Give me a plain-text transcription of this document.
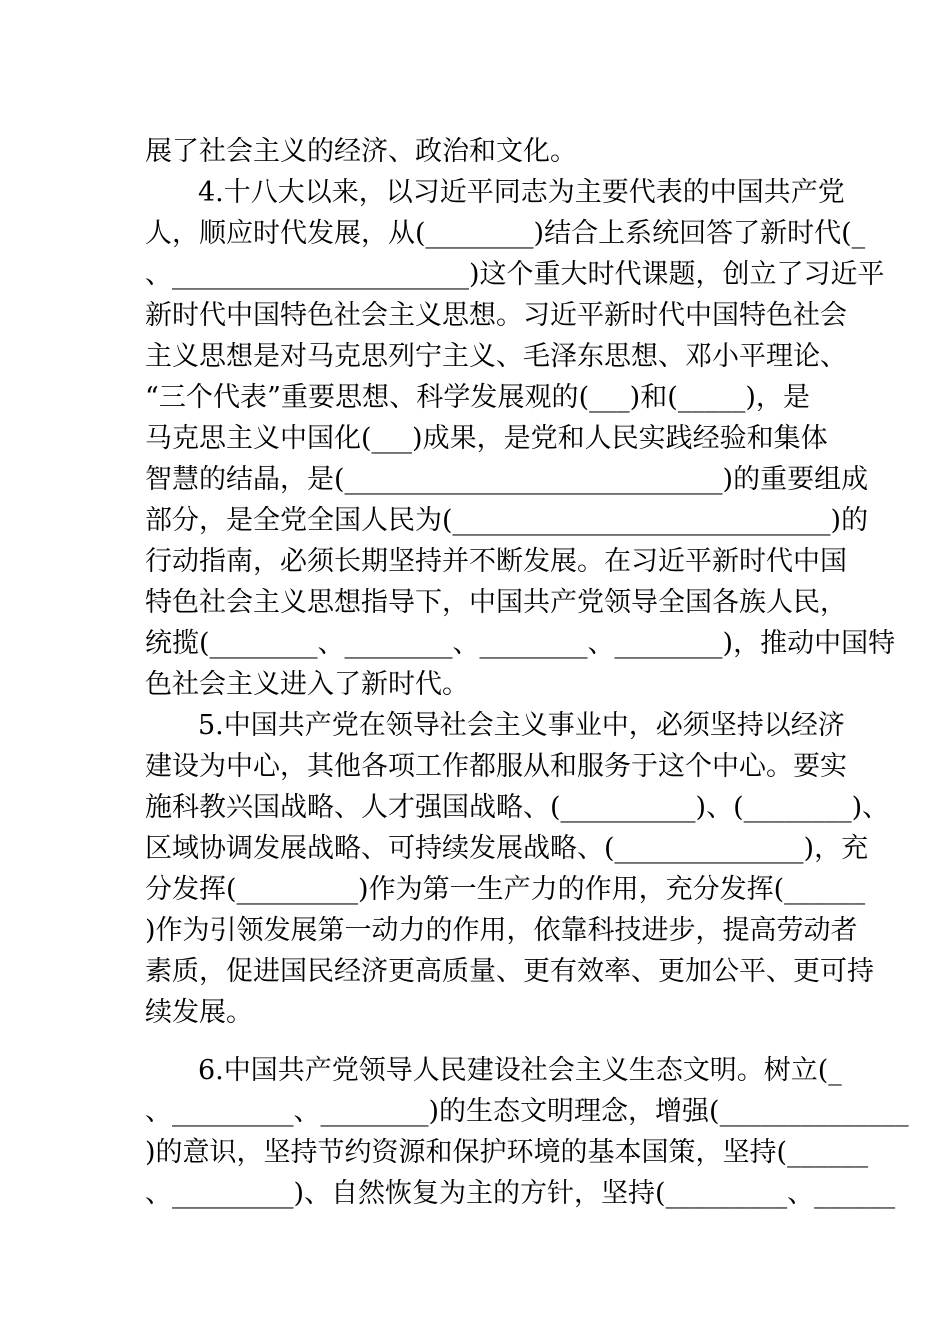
展了社会主义的经济、政治和文化。
4.十八大以来，以习近平同志为主要代表的中国共产党
人，顺应时代发展，从(________)结合上系统回答了新时代(_
、______________________)这个重大时代课题，创立了习近平
新时代中国特色社会主义思想。习近平新时代中国特色社会
主义思想是对马克思列宁主义、毛泽东思想、邓小平理论、
“三个代表”重要思想、科学发展观的(___)和(_____)，是
马克思主义中国化(___)成果，是党和人民实践经验和集体
智慧的结晶，是(____________________________)的重要组成
部分，是全党全国人民为(____________________________)的
行动指南，必须长期坚持并不断发展。在习近平新时代中国
特色社会主义思想指导下，中国共产党领导全国各族人民，
统揽(________、________、________、________)，推动中国特
色社会主义进入了新时代。
5.中国共产党在领导社会主义事业中，必须坚持以经济
建设为中心，其他各项工作都服从和服务于这个中心。要实
施科教兴国战略、人才强国战略、(__________)、(________)、
区域协调发展战略、可持续发展战略、(______________)，充
分发挥(_________)作为第一生产力的作用，充分发挥(______
)作为引领发展第一动力的作用，依靠科技进步，提高劳动者
素质，促进国民经济更高质量、更有效率、更加公平、更可持
续发展。
6.中国共产党领导人民建设社会主义生态文明。树立(_
、_________、________)的生态文明理念，增强(______________
)的意识，坚持节约资源和保护环境的基本国策，坚持(______
、_________)、自然恢复为主的方针，坚持(_________、______
